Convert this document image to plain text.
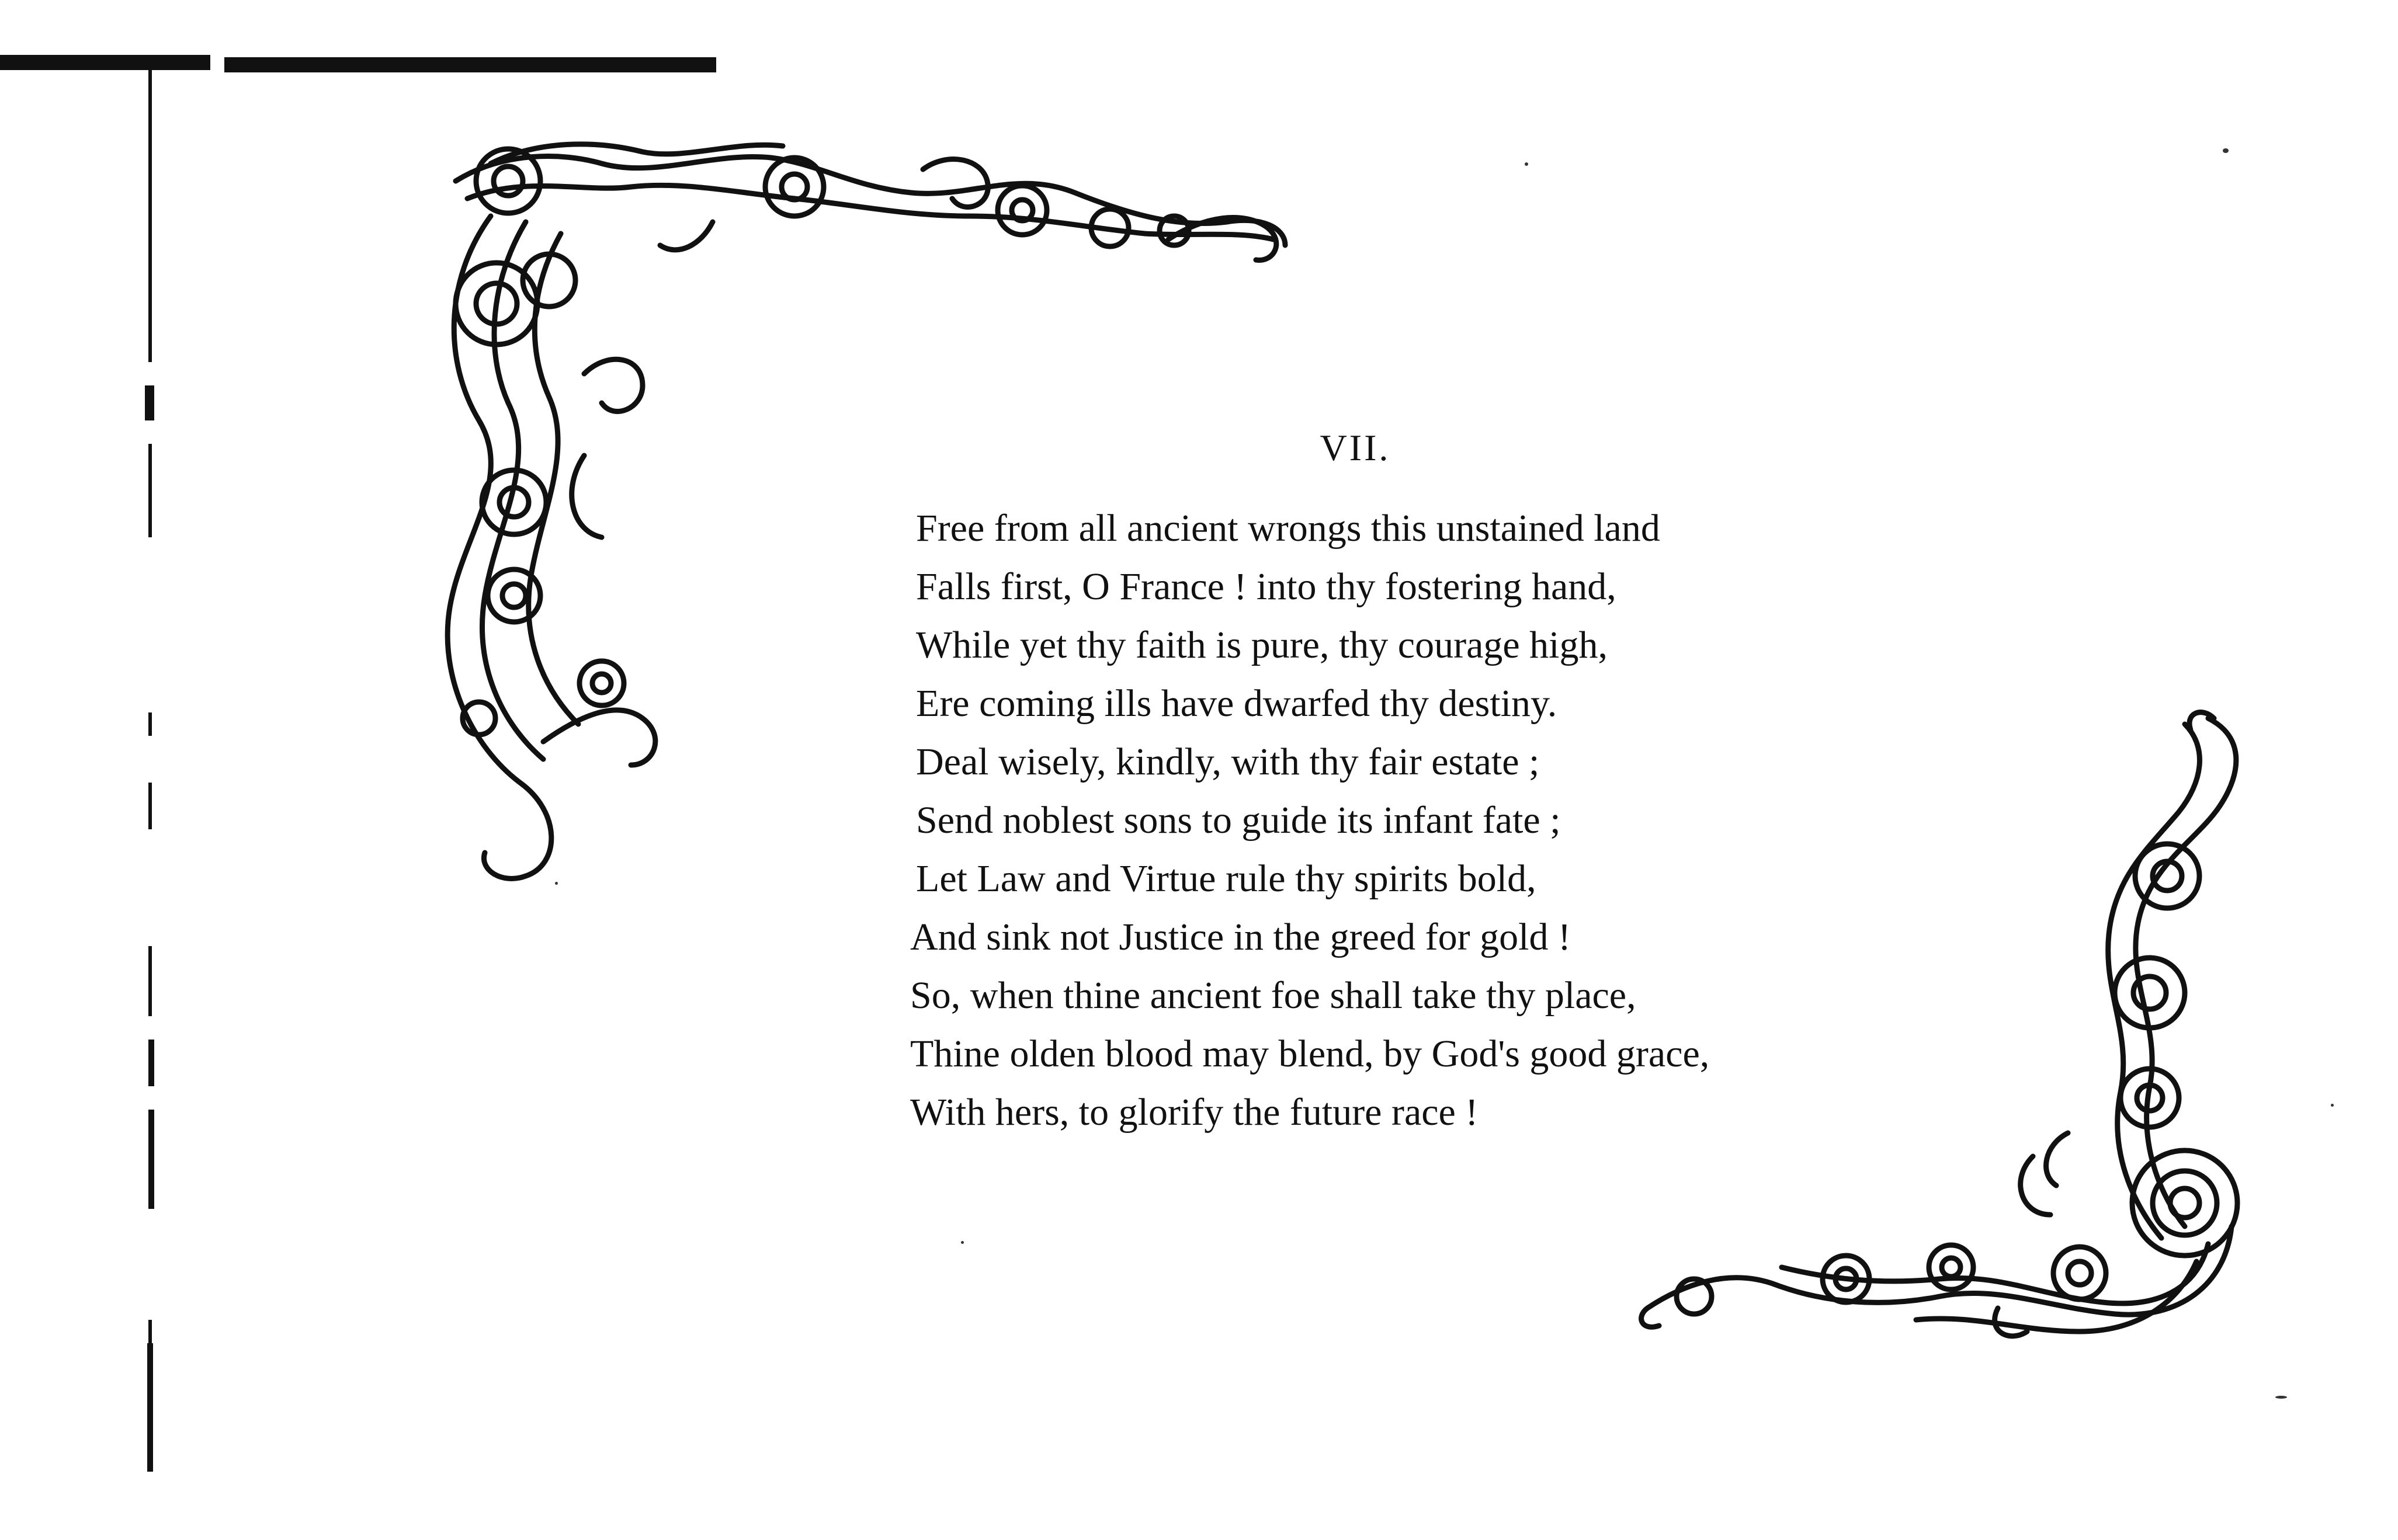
VII.
Free from all ancient wrongs this unstained land
Falls first, O France ! into thy fostering hand,
While yet thy faith is pure, thy courage high,
Ere coming ills have dwarfed thy destiny.
Deal wisely, kindly, with thy fair estate ;
Send noblest sons to guide its infant fate ;
Let Law and Virtue rule thy spirits bold,
And sink not Justice in the greed for gold !
So, when thine ancient foe shall take thy place,
Thine olden blood may blend, by God's good grace,
With hers, to glorify the future race !
